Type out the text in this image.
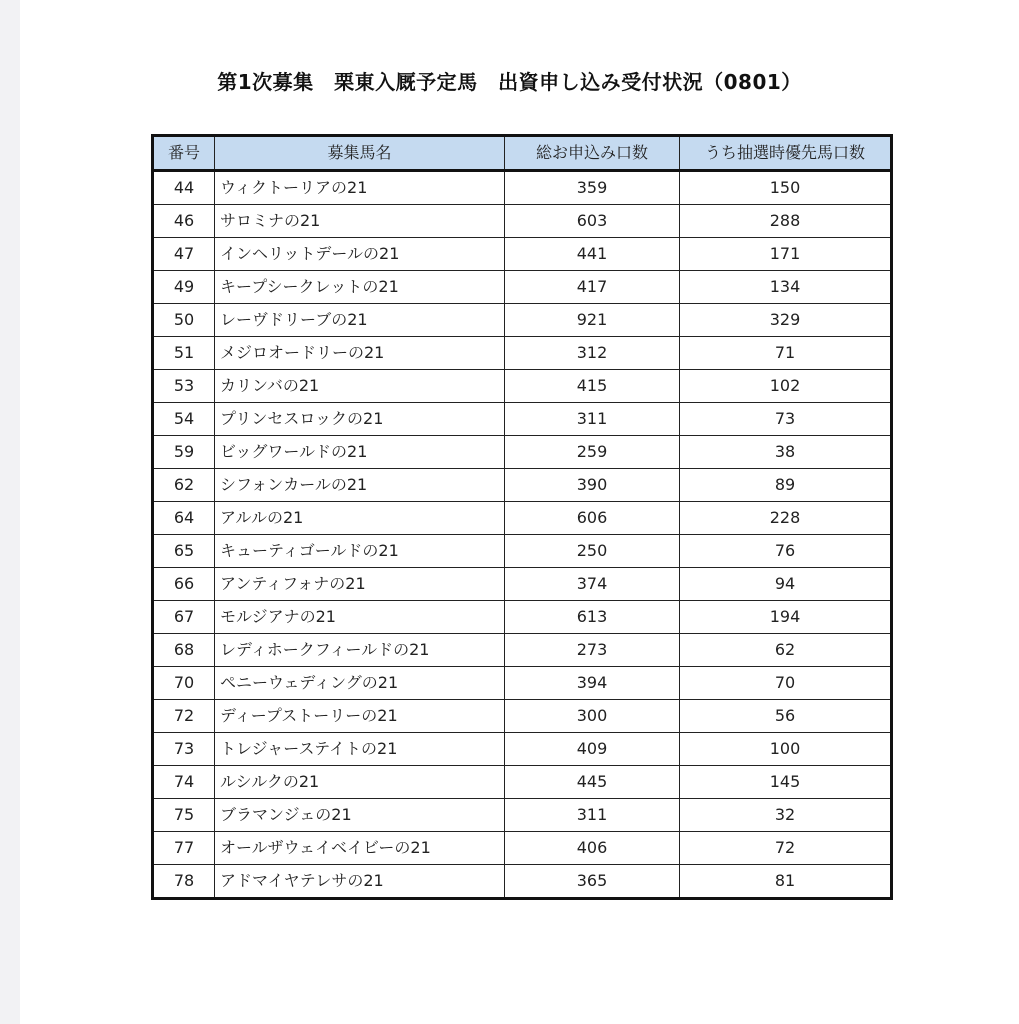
第1次募集　栗東入厩予定馬　出資申し込み受付状況（0801）
番号	募集馬名	総お申込み口数	うち抽選時優先馬口数
44	ウィクトーリアの21	359	150
46	サロミナの21	603	288
47	インヘリットデールの21	441	171
49	キープシークレットの21	417	134
50	レーヴドリーブの21	921	329
51	メジロオードリーの21	312	71
53	カリンバの21	415	102
54	プリンセスロックの21	311	73
59	ビッグワールドの21	259	38
62	シフォンカールの21	390	89
64	アルルの21	606	228
65	キューティゴールドの21	250	76
66	アンティフォナの21	374	94
67	モルジアナの21	613	194
68	レディホークフィールドの21	273	62
70	ペニーウェディングの21	394	70
72	ディープストーリーの21	300	56
73	トレジャーステイトの21	409	100
74	ルシルクの21	445	145
75	ブラマンジェの21	311	32
77	オールザウェイベイビーの21	406	72
78	アドマイヤテレサの21	365	81
